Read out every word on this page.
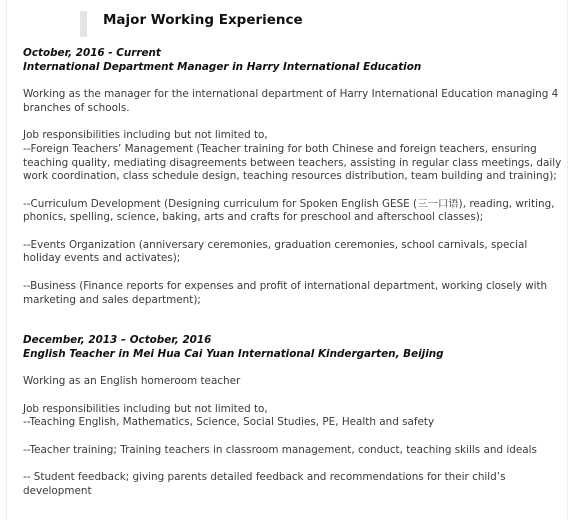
Major Working Experience
October, 2016 - Current
International Department Manager in Harry International Education

Working as the manager for the international department of Harry International Education managing 4 branches of schools.

Job responsibilities including but not limited to,

--Foreign Teachers’ Management (Teacher training for both Chinese and foreign teachers, ensuring teaching quality, mediating disagreements between teachers, assisting in regular class meetings, daily work coordination, class schedule design, teaching resources distribution, team building and training);

--Curriculum Development (Designing curriculum for Spoken English GESE (三一口语), reading, writing, phonics, spelling, science, baking, arts and crafts for preschool and afterschool classes);

--Events Organization (anniversary ceremonies, graduation ceremonies, school carnivals, special holiday events and activates);

--Business (Finance reports for expenses and profit of international department, working closely with marketing and sales department);

December, 2013 – October, 2016
English Teacher in Mei Hua Cai Yuan International Kindergarten, Beijing

Working as an English homeroom teacher

Job responsibilities including but not limited to,

--Teaching English, Mathematics, Science, Social Studies, PE, Health and safety

--Teacher training; Training teachers in classroom management, conduct, teaching skills and ideals

-- Student feedback; giving parents detailed feedback and recommendations for their child’s development
